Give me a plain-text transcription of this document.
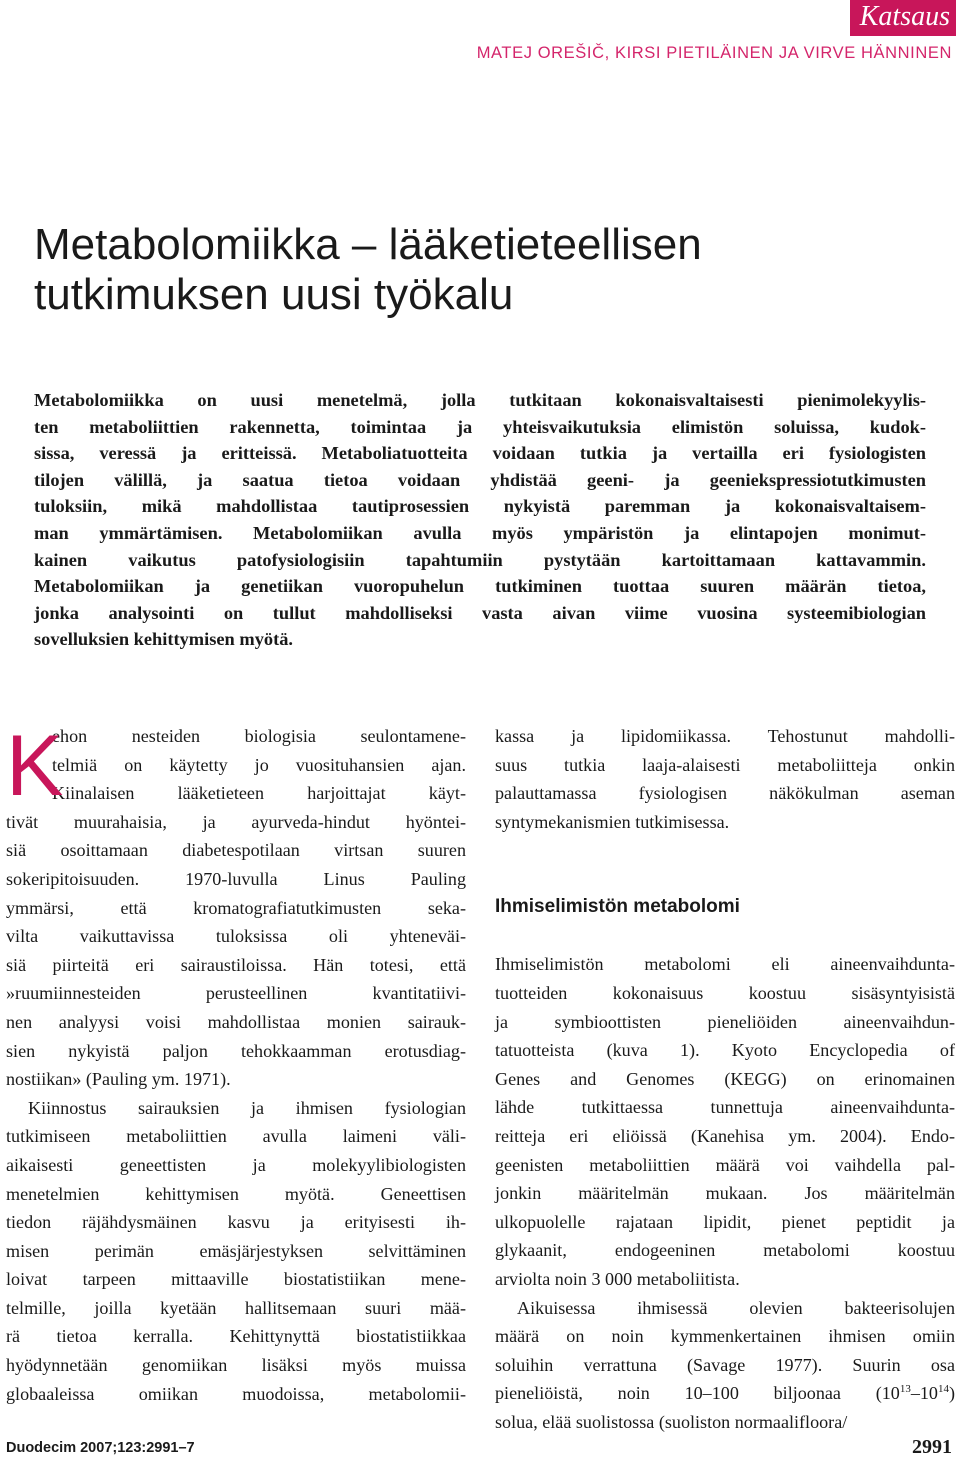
Katsaus
MATEJ OREŠIČ, KIRSI PIETILÄINEN JA VIRVE HÄNNINEN
Metabolomiikka – lääketieteellisen
tutkimuksen uusi työkalu
Metabolomiikka on uusi menetelmä, jolla tutkitaan kokonaisvaltaisesti pienimolekyylis-
ten metaboliittien rakennetta, toimintaa ja yhteisvaikutuksia elimistön soluissa, kudok-
sissa, veressä ja eritteissä. Metaboliatuotteita voidaan tutkia ja vertailla eri fysiologisten
tilojen välillä, ja saatua tietoa voidaan yhdistää geeni- ja geeniekspressiotutkimusten
tuloksiin, mikä mahdollistaa tautiprosessien nykyistä paremman ja kokonaisvaltaisem-
man ymmärtämisen. Metabolomiikan avulla myös ympäristön ja elintapojen monimut-
kainen vaikutus patofysiologisiin tapahtumiin pystytään kartoittamaan kattavammin.
Metabolomiikan ja genetiikan vuoropuhelun tutkiminen tuottaa suuren määrän tietoa,
jonka analysointi on tullut mahdolliseksi vasta aivan viime vuosina systeemibiologian
sovelluksien kehittymisen myötä.
K
ehon nesteiden biologisia seulontamene-
telmiä on käytetty jo vuosituhansien ajan.
Kiinalaisen lääketieteen harjoittajat käyt-
tivät muurahaisia, ja ayurveda-hindut hyöntei-
siä osoittamaan diabetespotilaan virtsan suuren
sokeripitoisuuden. 1970-luvulla Linus Pauling
ymmärsi, että kromatografiatutkimusten seka-
vilta vaikuttavissa tuloksissa oli yhteneväi-
siä piirteitä eri sairaustiloissa. Hän totesi, että
»ruumiinnesteiden perusteellinen kvantitatiivi-
nen analyysi voisi mahdollistaa monien sairauk-
sien nykyistä paljon tehokkaamman erotusdiag-
nostiikan» (Pauling ym. 1971).
Kiinnostus sairauksien ja ihmisen fysiologian
tutkimiseen metaboliittien avulla laimeni väli-
aikaisesti geneettisten ja molekyylibiologisten
menetelmien kehittymisen myötä. Geneettisen
tiedon räjähdysmäinen kasvu ja erityisesti ih-
misen perimän emäsjärjestyksen selvittäminen
loivat tarpeen mittaaville biostatistiikan mene-
telmille, joilla kyetään hallitsemaan suuri mää-
rä tietoa kerralla. Kehittynyttä biostatistiikkaa
hyödynnetään genomiikan lisäksi myös muissa
globaaleissa omiikan muodoissa, metabolomii-
kassa ja lipidomiikassa. Tehostunut mahdolli-
suus tutkia laaja-alaisesti metaboliitteja onkin
palauttamassa fysiologisen näkökulman aseman
syntymekanismien tutkimisessa.
Ihmiselimistön metabolomi
Ihmiselimistön metabolomi eli aineenvaihdunta-
tuotteiden kokonaisuus koostuu sisäsyntyisistä
ja symbioottisten pieneliöiden aineenvaihdun-
tatuotteista (kuva 1). Kyoto Encyclopedia of
Genes and Genomes (KEGG) on erinomainen
lähde tutkittaessa tunnettuja aineenvaihdunta-
reitteja eri eliöissä (Kanehisa ym. 2004). Endo-
geenisten metaboliittien määrä voi vaihdella pal-
jonkin määritelmän mukaan. Jos määritelmän
ulkopuolelle rajataan lipidit, pienet peptidit ja
glykaanit, endogeeninen metabolomi koostuu
arviolta noin 3 000 metaboliitista.
Aikuisessa ihmisessä olevien bakteerisolujen
määrä on noin kymmenkertainen ihmisen omiin
soluihin verrattuna (Savage 1977). Suurin osa
pieneliöistä, noin 10–100 biljoonaa $(10^{13}-10^{14})$
solua, elää suolistossa (suoliston normaalifloora/
Duodecim 2007;123:2991–7	2991
